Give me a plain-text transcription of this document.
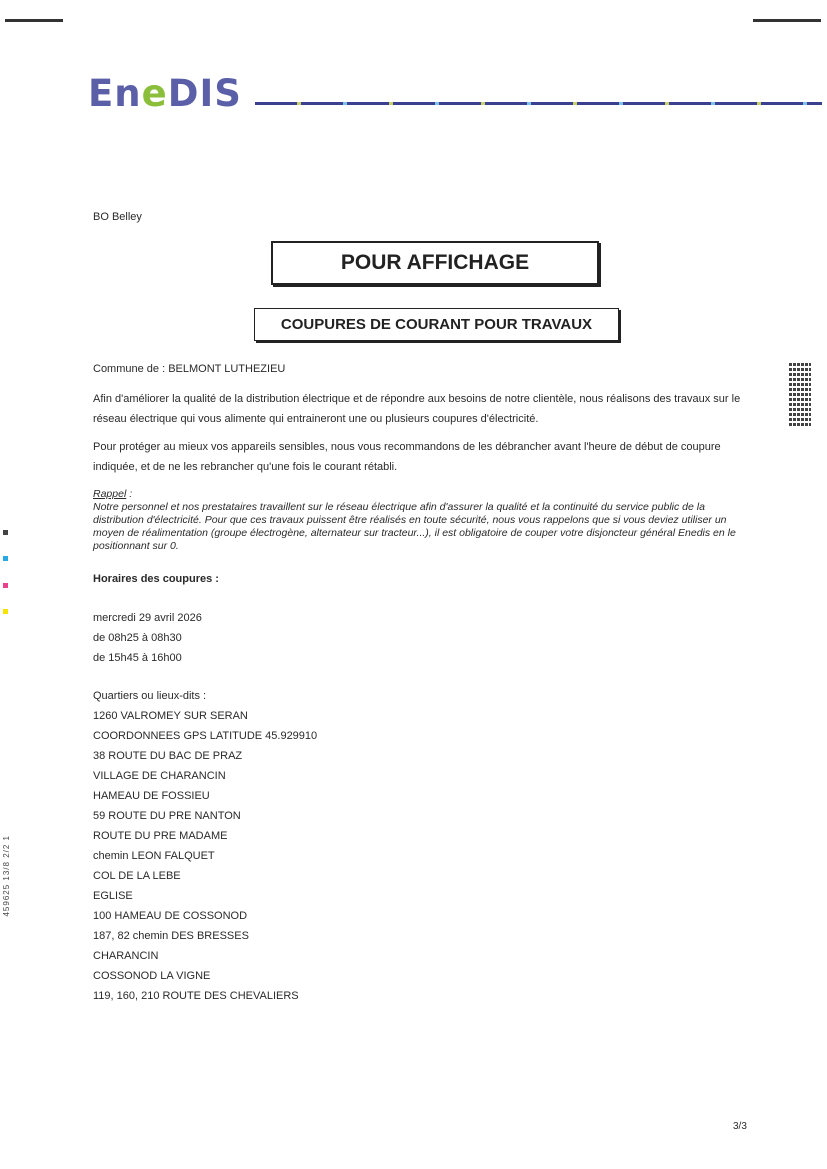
EneDIS
BO Belley
POUR AFFICHAGE
COUPURES DE COURANT POUR TRAVAUX
Commune de : BELMONT LUTHEZIEU
Afin d'améliorer la qualité de la distribution électrique et de répondre aux besoins de notre clientèle, nous réalisons des travaux sur le réseau électrique qui vous alimente qui entraineront une ou plusieurs coupures d'électricité.
Pour protéger au mieux vos appareils sensibles, nous vous recommandons de les débrancher avant l'heure de début de coupure indiquée, et de ne les rebrancher qu'une fois le courant rétabli.
Rappel :
Notre personnel et nos prestataires travaillent sur le réseau électrique afin d'assurer la qualité et la continuité du service public de la distribution d'électricité. Pour que ces travaux puissent être réalisés en toute sécurité, nous vous rappelons que si vous deviez utiliser un moyen de réalimentation (groupe électrogène, alternateur sur tracteur...), il est obligatoire de couper votre disjoncteur général Enedis en le positionnant sur 0.
Horaires des coupures :
mercredi 29 avril 2026
de 08h25 à 08h30
de 15h45 à 16h00
Quartiers ou lieux-dits :
1260 VALROMEY SUR SERAN
COORDONNEES GPS LATITUDE 45.929910
38 ROUTE DU BAC DE PRAZ
VILLAGE DE CHARANCIN
HAMEAU DE FOSSIEU
59 ROUTE DU PRE NANTON
ROUTE DU PRE MADAME
chemin LEON FALQUET
COL DE LA LEBE
EGLISE
100 HAMEAU DE COSSONOD
187, 82 chemin DES BRESSES
CHARANCIN
COSSONOD LA VIGNE
119, 160, 210 ROUTE DES CHEVALIERS
459625 13/8 2/2 1
3/3
